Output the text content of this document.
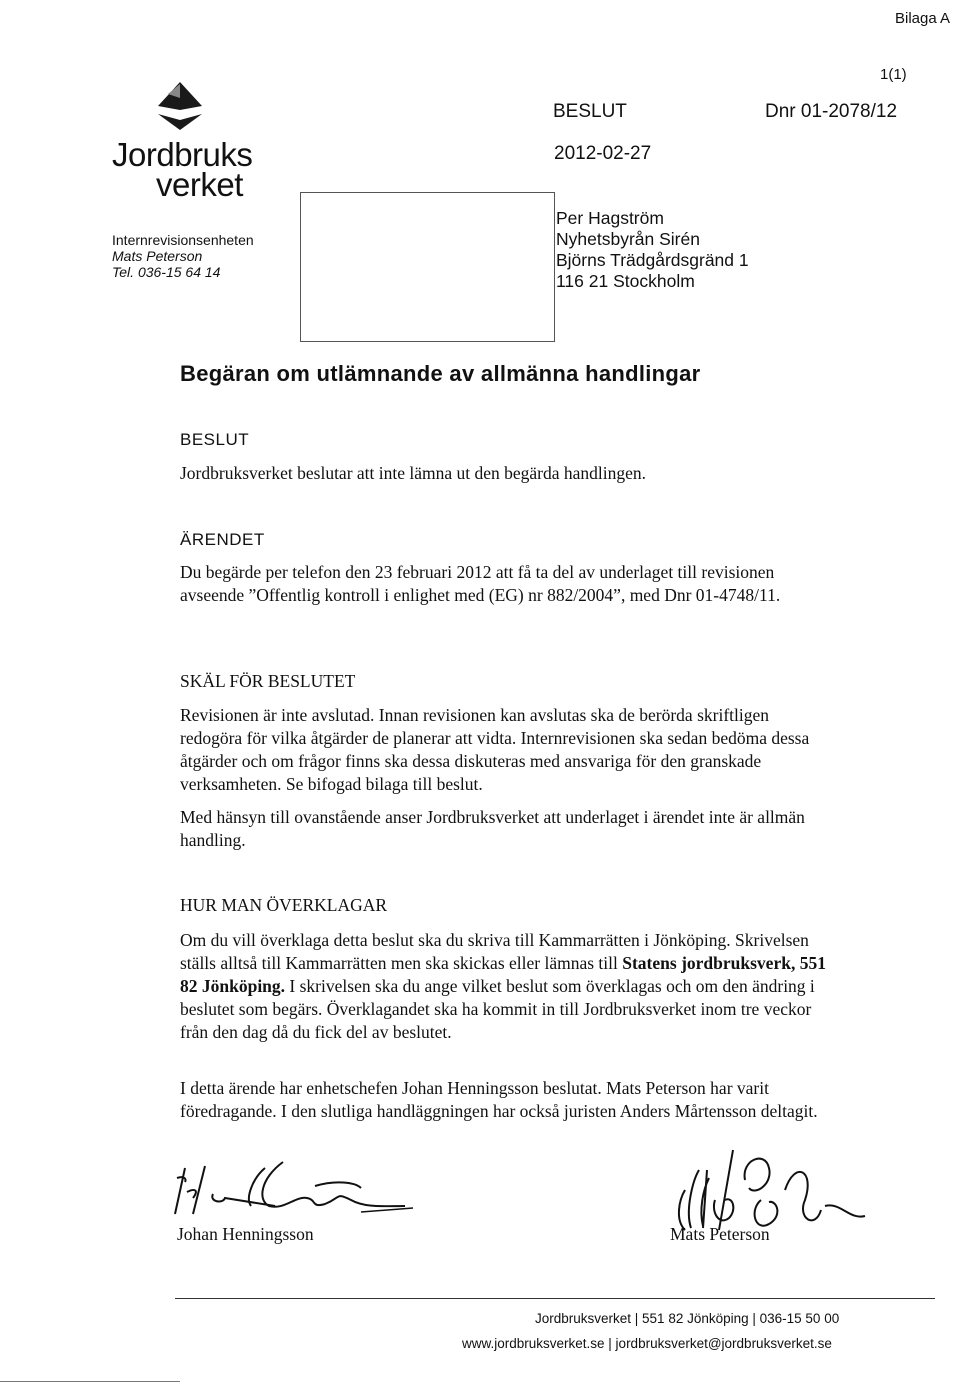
Bilaga A
1(1)
Jordbruks
verket
Internrevisionsenheten
Mats Peterson
Tel. 036-15 64 14
BESLUT	Dnr 01-2078/12
2012-02-27
Per Hagström
Nyhetsbyrån Sirén
Björns Trädgårdsgränd 1
116 21 Stockholm
Begäran om utlämnande av allmänna handlingar
BESLUT
Jordbruksverket beslutar att inte lämna ut den begärda handlingen.
ÄRENDET
Du begärde per telefon den 23 februari 2012 att få ta del av underlaget till revisionen avseende ”Offentlig kontroll i enlighet med (EG) nr 882/2004”, med Dnr 01-4748/11.
SKÄL FÖR BESLUTET
Revisionen är inte avslutad. Innan revisionen kan avslutas ska de berörda skriftligen redogöra för vilka åtgärder de planerar att vidta. Internrevisionen ska sedan bedöma dessa åtgärder och om frågor finns ska dessa diskuteras med ansvariga för den granskade verksamheten. Se bifogad bilaga till beslut.
Med hänsyn till ovanstående anser Jordbruksverket att underlaget i ärendet inte är allmän handling.
HUR MAN ÖVERKLAGAR
Om du vill överklaga detta beslut ska du skriva till Kammarrätten i Jönköping. Skrivelsen ställs alltså till Kammarrätten men ska skickas eller lämnas till Statens jordbruksverk, 551 82 Jönköping. I skrivelsen ska du ange vilket beslut som överklagas och om den ändring i beslutet som begärs. Överklagandet ska ha kommit in till Jordbruksverket inom tre veckor från den dag då du fick del av beslutet.
I detta ärende har enhetschefen Johan Henningsson beslutat. Mats Peterson har varit föredragande. I den slutliga handläggningen har också juristen Anders Mårtensson deltagit.
Johan Henningsson	Mats Peterson
Jordbruksverket | 551 82 Jönköping | 036-15 50 00
www.jordbruksverket.se | jordbruksverket@jordbruksverket.se
